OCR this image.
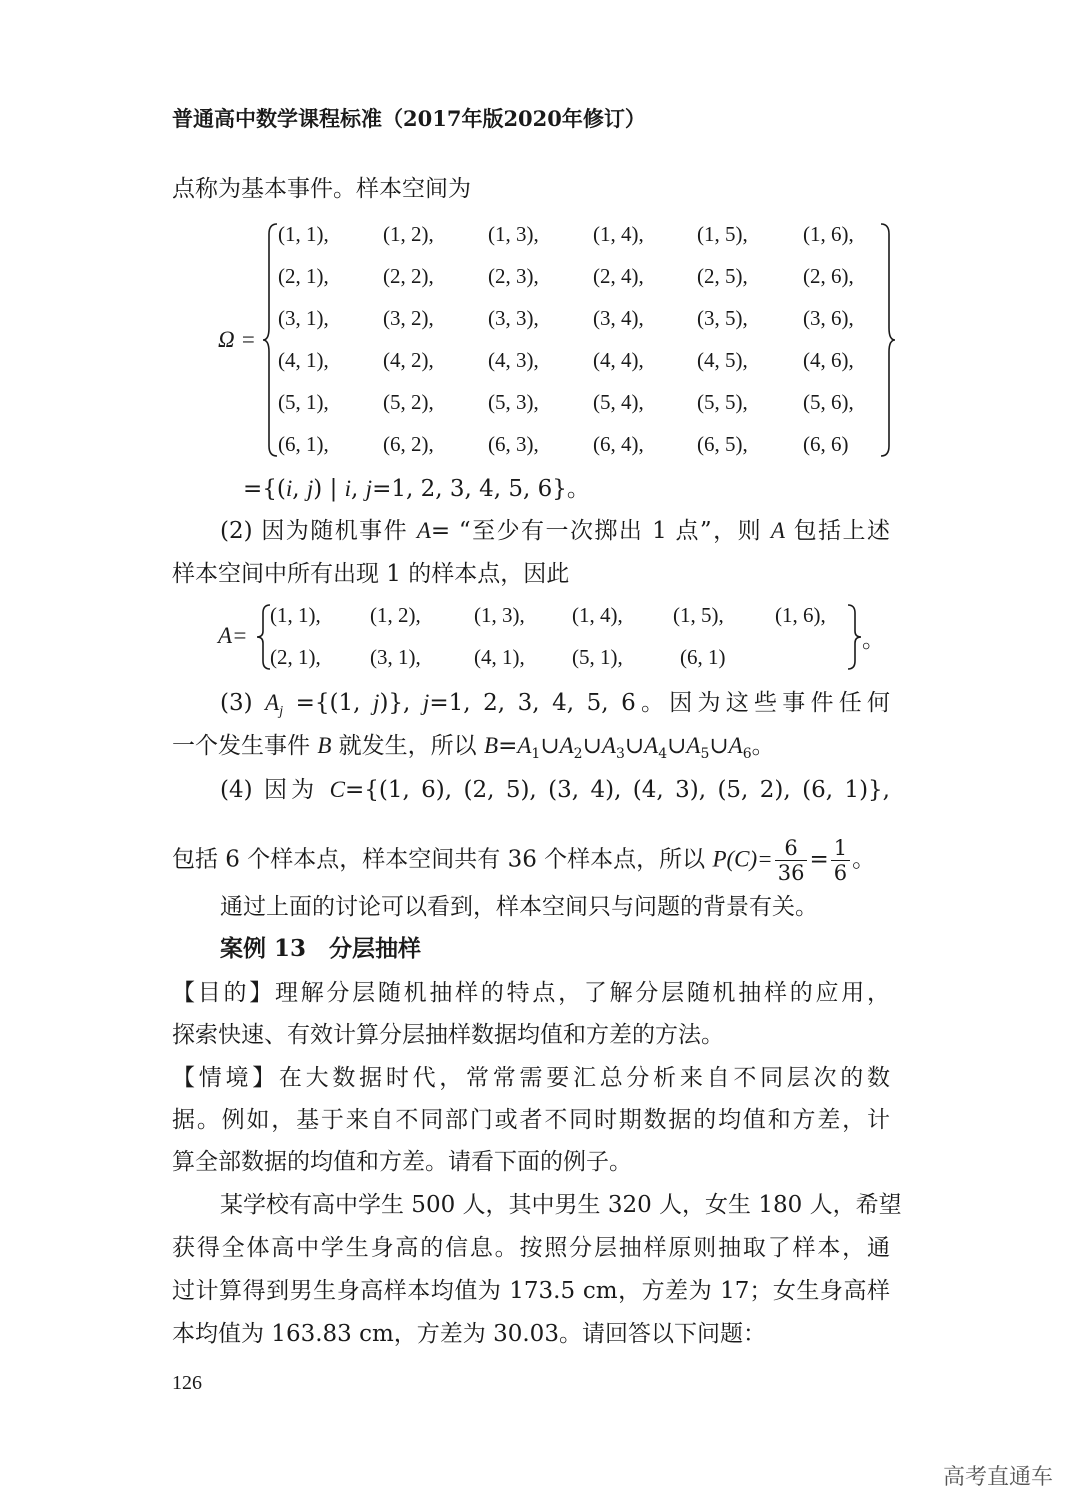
普通高中数学课程标准（2017年版2020年修订）
Ω =
(1, 1),	(1, 2),	(1, 3),	(1, 4),	(1, 5),	(1, 6),
(2, 1),	(2, 2),	(2, 3),	(2, 4),	(2, 5),	(2, 6),
(3, 1),	(3, 2),	(3, 3),	(3, 4),	(3, 5),	(3, 6),
(4, 1),	(4, 2),	(4, 3),	(4, 4),	(4, 5),	(4, 6),
(5, 1),	(5, 2),	(5, 3),	(5, 4),	(5, 5),	(5, 6),
(6, 1),	(6, 2),	(6, 3),	(6, 4),	(6, 5),	(6, 6)
A=	。
(1, 1), (1, 2),	(1, 3), (1, 4), (1, 5), (1, 6),
(2, 1), (3, 1),	(4, 1), (5, 1),	(6, 1)
包括 6 个样本点，样本空间共有 36 个样本点，所以 $P(C)= \frac{6}{36} = \frac{1}{6}$ 。
点称为基本事件。样本空间为
={(i, j) | i, j=1, 2, 3, 4, 5, 6}。
(2) 因为随机事件 A= “至少有一次掷出 1 点”，则 A 包括上述
样本空间中所有出现 1 的样本点，因此
(3) $A_j =\{(1$, j)}, j=1, 2, 3, 4, 5, 6。因为这些事件任何
一个发生事件 B 就发生，所以 $B=A_1\cup A_2\cup A_3\cup A_4\cup A_5\cup A_6$。
(4) 因为 C={(1, 6), (2, 5), (3, 4), (4, 3), (5, 2), (6, 1)},
通过上面的讨论可以看到，样本空间只与问题的背景有关。
案例 13　分层抽样
【目的】理解分层随机抽样的特点，了解分层随机抽样的应用，
探索快速、有效计算分层抽样数据均值和方差的方法。
【情境】在大数据时代，常常需要汇总分析来自不同层次的数
据。例如，基于来自不同部门或者不同时期数据的均值和方差，计
算全部数据的均值和方差。请看下面的例子。
某学校有高中学生 500 人，其中男生 320 人，女生 180 人，希望
获得全体高中学生身高的信息。按照分层抽样原则抽取了样本，通
过计算得到男生身高样本均值为 173.5 cm，方差为 17；女生身高样
本均值为 163.83 cm，方差为 30.03。请回答以下问题：
126
高考直通车
